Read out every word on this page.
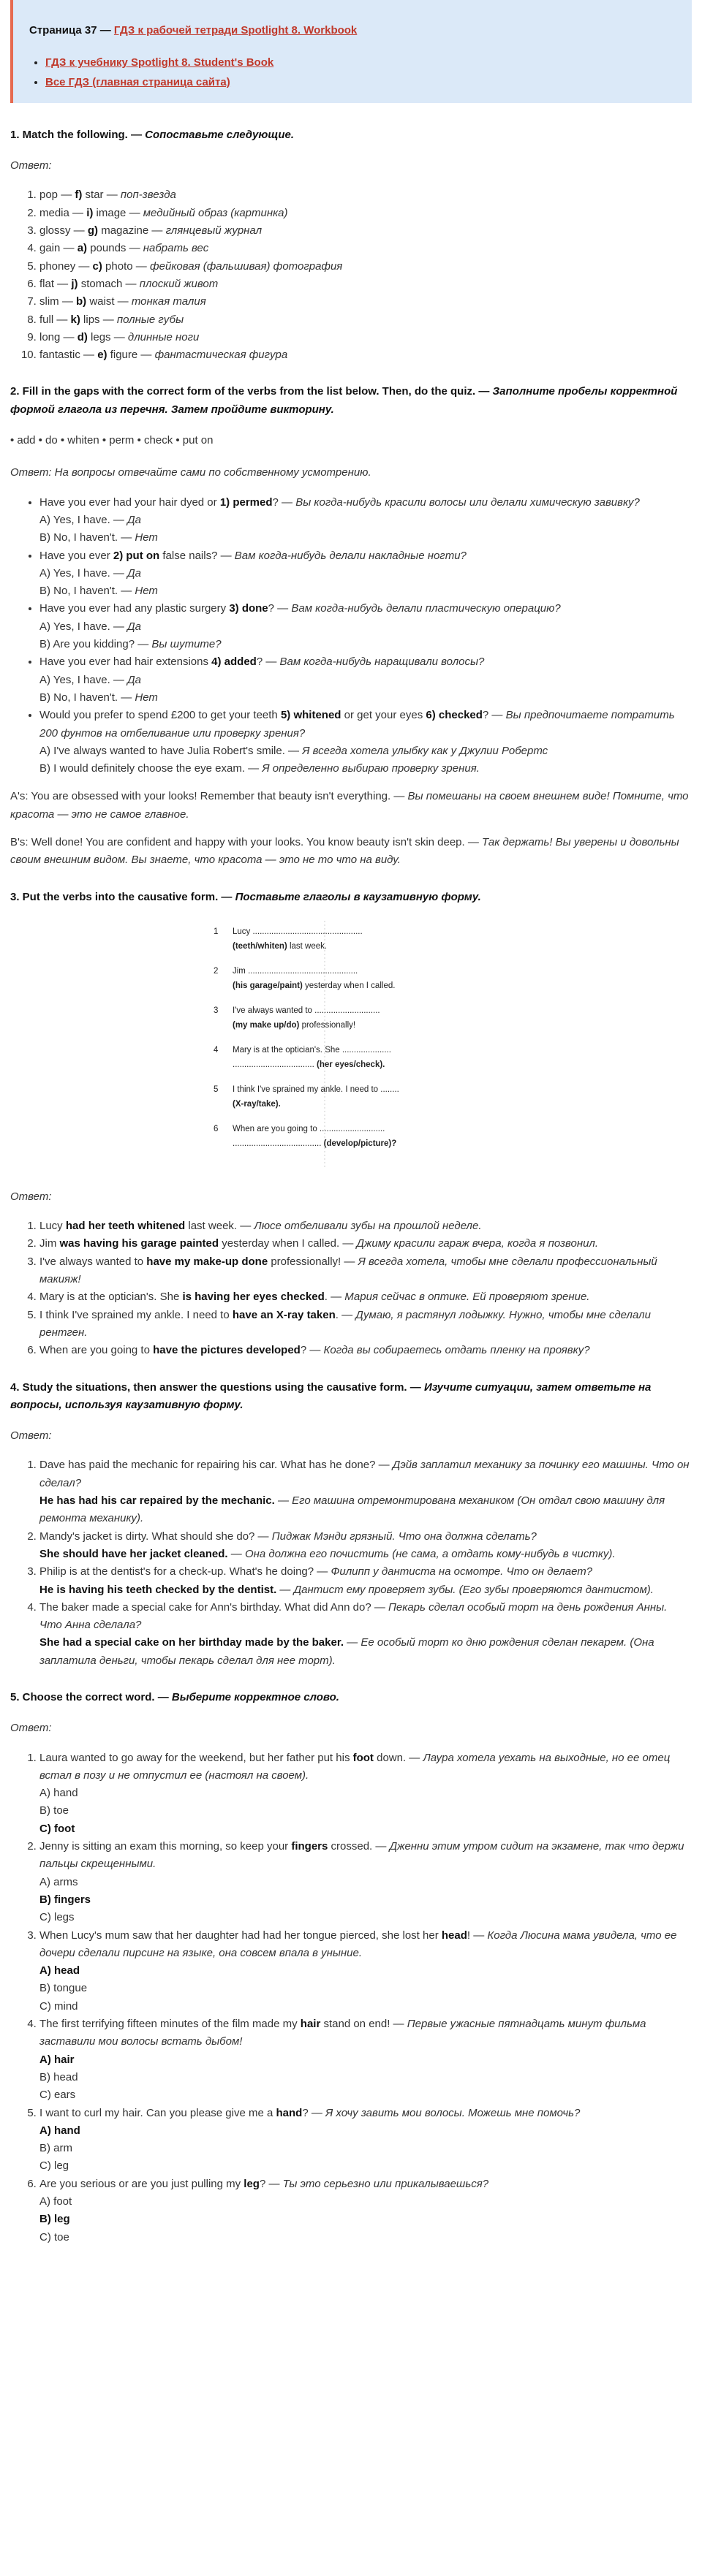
Страница 37 — ГДЗ к рабочей тетради Spotlight 8. Workbook

• ГДЗ к учебнику Spotlight 8. Student's Book
• Все ГДЗ (главная страница сайта)
1. Match the following. — Сопоставьте следующие.

Ответ:

1. pop — f) star — поп-звезда
2. media — i) image — медийный образ (картинка)
3. glossy — g) magazine — глянцевый журнал
4. gain — a) pounds — набрать вес
5. phoney — c) photo — фейковая (фальшивая) фотография
6. flat — j) stomach — плоский живот
7. slim — b) waist — тонкая талия
8. full — k) lips — полные губы
9. long — d) legs — длинные ноги
10. fantastic — e) figure — фантастическая фигура
2. Fill in the gaps with the correct form of the verbs from the list below. Then, do the quiz. — Заполните пробелы корректной формой глагола из перечня. Затем пройдите викторину.

• add • do • whiten • perm • check • put on

Ответ: На вопросы отвечайте сами по собственному усмотрению.

• Have you ever had your hair dyed or 1) permed? — Вы когда-нибудь красили волосы или делали химическую завивку?
A) Yes, I have. — Да
B) No, I haven't. — Нет
• Have you ever 2) put on false nails? — Вам когда-нибудь делали накладные ногти?
A) Yes, I have. — Да
B) No, I haven't. — Нет
• Have you ever had any plastic surgery 3) done? — Вам когда-нибудь делали пластическую операцию?
A) Yes, I have. — Да
B) Are you kidding? — Вы шутите?
• Have you ever had hair extensions 4) added? — Вам когда-нибудь наращивали волосы?
A) Yes, I have. — Да
B) No, I haven't. — Нет
• Would you prefer to spend £200 to get your teeth 5) whitened or get your eyes 6) checked? — Вы предпочитаете потратить 200 фунтов на отбеливание или проверку зрения?
A) I've always wanted to have Julia Robert's smile. — Я всегда хотела улыбку как у Джулии Робертс
B) I would definitely choose the eye exam. — Я определенно выбираю проверку зрения.

A's: You are obsessed with your looks! Remember that beauty isn't everything. — Вы помешаны на своем внешнем виде! Помните, что красота — это не самое главное.

B's: Well done! You are confident and happy with your looks. You know beauty isn't skin deep. — Так держать! Вы уверены и довольны своим внешним видом. Вы знаете, что красота — это не то что на виду.

3. Put the verbs into the causative form. — Поставьте глаголы в каузативную форму.
1 Lucy ...............................................
(teeth/whiten) last week.
2 Jim ...............................................
(his garage/paint) yesterday when I called.
3 I've always wanted to ............................
(my make up/do) professionally!
4 Mary is at the optician's. She .....................
................................... (her eyes/check).
5 I think I've sprained my ankle. I need to ........
(X-ray/take).
6 When are you going to ............................
...................................... (develop/picture)?

Ответ:

1. Lucy had her teeth whitened last week. — Люсе отбеливали зубы на прошлой неделе.
2. Jim was having his garage painted yesterday when I called. — Джиму красили гараж вчера, когда я позвонил.
3. I've always wanted to have my make-up done professionally! — Я всегда хотела, чтобы мне сделали профессиональный макияж!
4. Mary is at the optician's. She is having her eyes checked. — Мария сейчас в оптике. Ей проверяют зрение.
5. I think I've sprained my ankle. I need to have an X-ray taken. — Думаю, я растянул лодыжку. Нужно, чтобы мне сделали рентген.
6. When are you going to have the pictures developed? — Когда вы собираетесь отдать пленку на проявку?
4. Study the situations, then answer the questions using the causative form. — Изучите ситуации, затем ответьте на вопросы, используя каузативную форму.

Ответ:

1. Dave has paid the mechanic for repairing his car. What has he done? — Дэйв заплатил механику за починку его машины. Что он сделал?
He has had his car repaired by the mechanic. — Его машина отремонтирована механиком (Он отдал свою машину для ремонта механику).
2. Mandy's jacket is dirty. What should she do? — Пиджак Мэнди грязный. Что она должна сделать?
She should have her jacket cleaned. — Она должна его почистить (не сама, а отдать кому-нибудь в чистку).
3. Philip is at the dentist's for a check-up. What's he doing? — Филипп у дантиста на осмотре. Что он делает?
He is having his teeth checked by the dentist. — Дантист ему проверяет зубы. (Его зубы проверяются дантистом).
4. The baker made a special cake for Ann's birthday. What did Ann do? — Пекарь сделал особый торт на день рождения Анны. Что Анна сделала?
She had a special cake on her birthday made by the baker. — Ее особый торт ко дню рождения сделан пекарем. (Она заплатила деньги, чтобы пекарь сделал для нее торт).
5. Choose the correct word. — Выберите корректное слово.

Ответ:

1. Laura wanted to go away for the weekend, but her father put his foot down. — Лаура хотела уехать на выходные, но ее отец встал в позу и не отпустил ее (настоял на своем).
A) hand
B) toe
C) foot
2. Jenny is sitting an exam this morning, so keep your fingers crossed. — Дженни этим утром сидит на экзамене, так что держи пальцы скрещенными.
A) arms
B) fingers
C) legs
3. When Lucy's mum saw that her daughter had had her tongue pierced, she lost her head! — Когда Люсина мама увидела, что ее дочери сделали пирсинг на языке, она совсем впала в уныние.
A) head
B) tongue
C) mind
4. The first terrifying fifteen minutes of the film made my hair stand on end! — Первые ужасные пятнадцать минут фильма заставили мои волосы встать дыбом!
A) hair
B) head
C) ears
5. I want to curl my hair. Can you please give me a hand? — Я хочу завить мои волосы. Можешь мне помочь?
A) hand
B) arm
C) leg
6. Are you serious or are you just pulling my leg? — Ты это серьезно или прикалываешься?
A) foot
B) leg
C) toe
